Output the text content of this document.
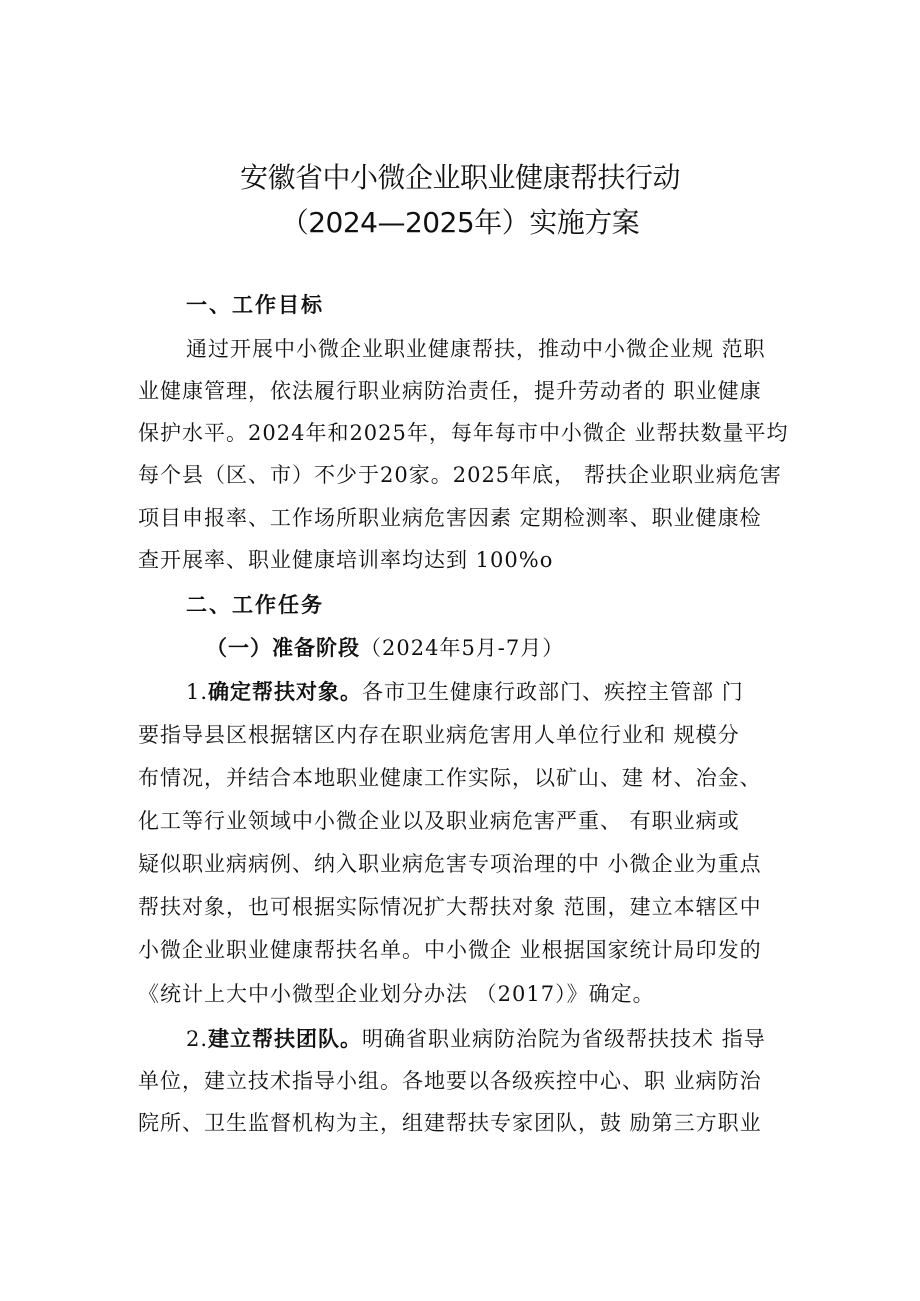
安徽省中小微企业职业健康帮扶行动
（2024—2025年）实施方案
一、工作目标
通过开展中小微企业职业健康帮扶，推动中小微企业规 范职
业健康管理，依法履行职业病防治责任，提升劳动者的 职业健康
保护水平。2024年和2025年，每年每市中小微企 业帮扶数量平均
每个县（区、市）不少于20家。2025年底， 帮扶企业职业病危害
项目申报率、工作场所职业病危害因素 定期检测率、职业健康检
查开展率、职业健康培训率均达到 100%o
二、工作任务
（一）准备阶段（2024年5月-7月）
1.确定帮扶对象。各市卫生健康行政部门、疾控主管部 门
要指导县区根据辖区内存在职业病危害用人单位行业和 规模分
布情况，并结合本地职业健康工作实际，以矿山、建 材、冶金、
化工等行业领域中小微企业以及职业病危害严重、 有职业病或
疑似职业病病例、纳入职业病危害专项治理的中 小微企业为重点
帮扶对象，也可根据实际情况扩大帮扶对象 范围，建立本辖区中
小微企业职业健康帮扶名单。中小微企 业根据国家统计局印发的
《统计上大中小微型企业划分办法 （2017）》确定。
2.建立帮扶团队。明确省职业病防治院为省级帮扶技术 指导
单位，建立技术指导小组。各地要以各级疾控中心、职 业病防治
院所、卫生监督机构为主，组建帮扶专家团队，鼓 励第三方职业
